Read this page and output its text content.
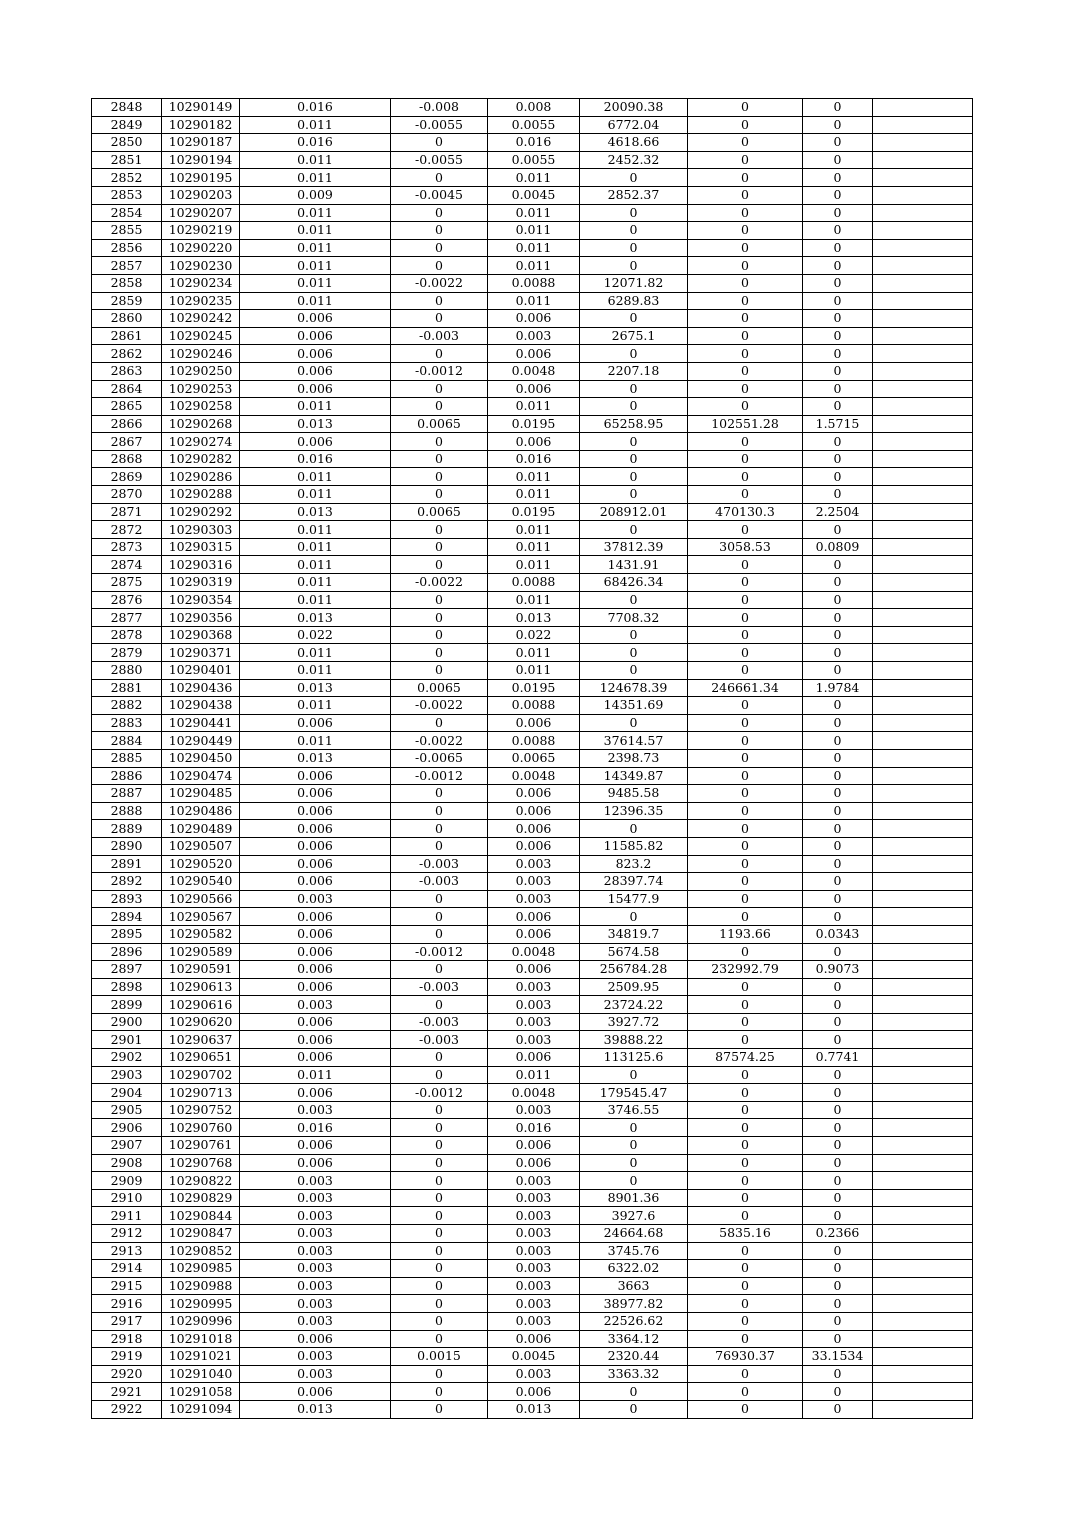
2848	10290149	0.016	-0.008	0.008	20090.38	0	0	
2849	10290182	0.011	-0.0055	0.0055	6772.04	0	0	
2850	10290187	0.016	0	0.016	4618.66	0	0	
2851	10290194	0.011	-0.0055	0.0055	2452.32	0	0	
2852	10290195	0.011	0	0.011	0	0	0	
2853	10290203	0.009	-0.0045	0.0045	2852.37	0	0	
2854	10290207	0.011	0	0.011	0	0	0	
2855	10290219	0.011	0	0.011	0	0	0	
2856	10290220	0.011	0	0.011	0	0	0	
2857	10290230	0.011	0	0.011	0	0	0	
2858	10290234	0.011	-0.0022	0.0088	12071.82	0	0	
2859	10290235	0.011	0	0.011	6289.83	0	0	
2860	10290242	0.006	0	0.006	0	0	0	
2861	10290245	0.006	-0.003	0.003	2675.1	0	0	
2862	10290246	0.006	0	0.006	0	0	0	
2863	10290250	0.006	-0.0012	0.0048	2207.18	0	0	
2864	10290253	0.006	0	0.006	0	0	0	
2865	10290258	0.011	0	0.011	0	0	0	
2866	10290268	0.013	0.0065	0.0195	65258.95	102551.28	1.5715	
2867	10290274	0.006	0	0.006	0	0	0	
2868	10290282	0.016	0	0.016	0	0	0	
2869	10290286	0.011	0	0.011	0	0	0	
2870	10290288	0.011	0	0.011	0	0	0	
2871	10290292	0.013	0.0065	0.0195	208912.01	470130.3	2.2504	
2872	10290303	0.011	0	0.011	0	0	0	
2873	10290315	0.011	0	0.011	37812.39	3058.53	0.0809	
2874	10290316	0.011	0	0.011	1431.91	0	0	
2875	10290319	0.011	-0.0022	0.0088	68426.34	0	0	
2876	10290354	0.011	0	0.011	0	0	0	
2877	10290356	0.013	0	0.013	7708.32	0	0	
2878	10290368	0.022	0	0.022	0	0	0	
2879	10290371	0.011	0	0.011	0	0	0	
2880	10290401	0.011	0	0.011	0	0	0	
2881	10290436	0.013	0.0065	0.0195	124678.39	246661.34	1.9784	
2882	10290438	0.011	-0.0022	0.0088	14351.69	0	0	
2883	10290441	0.006	0	0.006	0	0	0	
2884	10290449	0.011	-0.0022	0.0088	37614.57	0	0	
2885	10290450	0.013	-0.0065	0.0065	2398.73	0	0	
2886	10290474	0.006	-0.0012	0.0048	14349.87	0	0	
2887	10290485	0.006	0	0.006	9485.58	0	0	
2888	10290486	0.006	0	0.006	12396.35	0	0	
2889	10290489	0.006	0	0.006	0	0	0	
2890	10290507	0.006	0	0.006	11585.82	0	0	
2891	10290520	0.006	-0.003	0.003	823.2	0	0	
2892	10290540	0.006	-0.003	0.003	28397.74	0	0	
2893	10290566	0.003	0	0.003	15477.9	0	0	
2894	10290567	0.006	0	0.006	0	0	0	
2895	10290582	0.006	0	0.006	34819.7	1193.66	0.0343	
2896	10290589	0.006	-0.0012	0.0048	5674.58	0	0	
2897	10290591	0.006	0	0.006	256784.28	232992.79	0.9073	
2898	10290613	0.006	-0.003	0.003	2509.95	0	0	
2899	10290616	0.003	0	0.003	23724.22	0	0	
2900	10290620	0.006	-0.003	0.003	3927.72	0	0	
2901	10290637	0.006	-0.003	0.003	39888.22	0	0	
2902	10290651	0.006	0	0.006	113125.6	87574.25	0.7741	
2903	10290702	0.011	0	0.011	0	0	0	
2904	10290713	0.006	-0.0012	0.0048	179545.47	0	0	
2905	10290752	0.003	0	0.003	3746.55	0	0	
2906	10290760	0.016	0	0.016	0	0	0	
2907	10290761	0.006	0	0.006	0	0	0	
2908	10290768	0.006	0	0.006	0	0	0	
2909	10290822	0.003	0	0.003	0	0	0	
2910	10290829	0.003	0	0.003	8901.36	0	0	
2911	10290844	0.003	0	0.003	3927.6	0	0	
2912	10290847	0.003	0	0.003	24664.68	5835.16	0.2366	
2913	10290852	0.003	0	0.003	3745.76	0	0	
2914	10290985	0.003	0	0.003	6322.02	0	0	
2915	10290988	0.003	0	0.003	3663	0	0	
2916	10290995	0.003	0	0.003	38977.82	0	0	
2917	10290996	0.003	0	0.003	22526.62	0	0	
2918	10291018	0.006	0	0.006	3364.12	0	0	
2919	10291021	0.003	0.0015	0.0045	2320.44	76930.37	33.1534	
2920	10291040	0.003	0	0.003	3363.32	0	0	
2921	10291058	0.006	0	0.006	0	0	0	
2922	10291094	0.013	0	0.013	0	0	0	
